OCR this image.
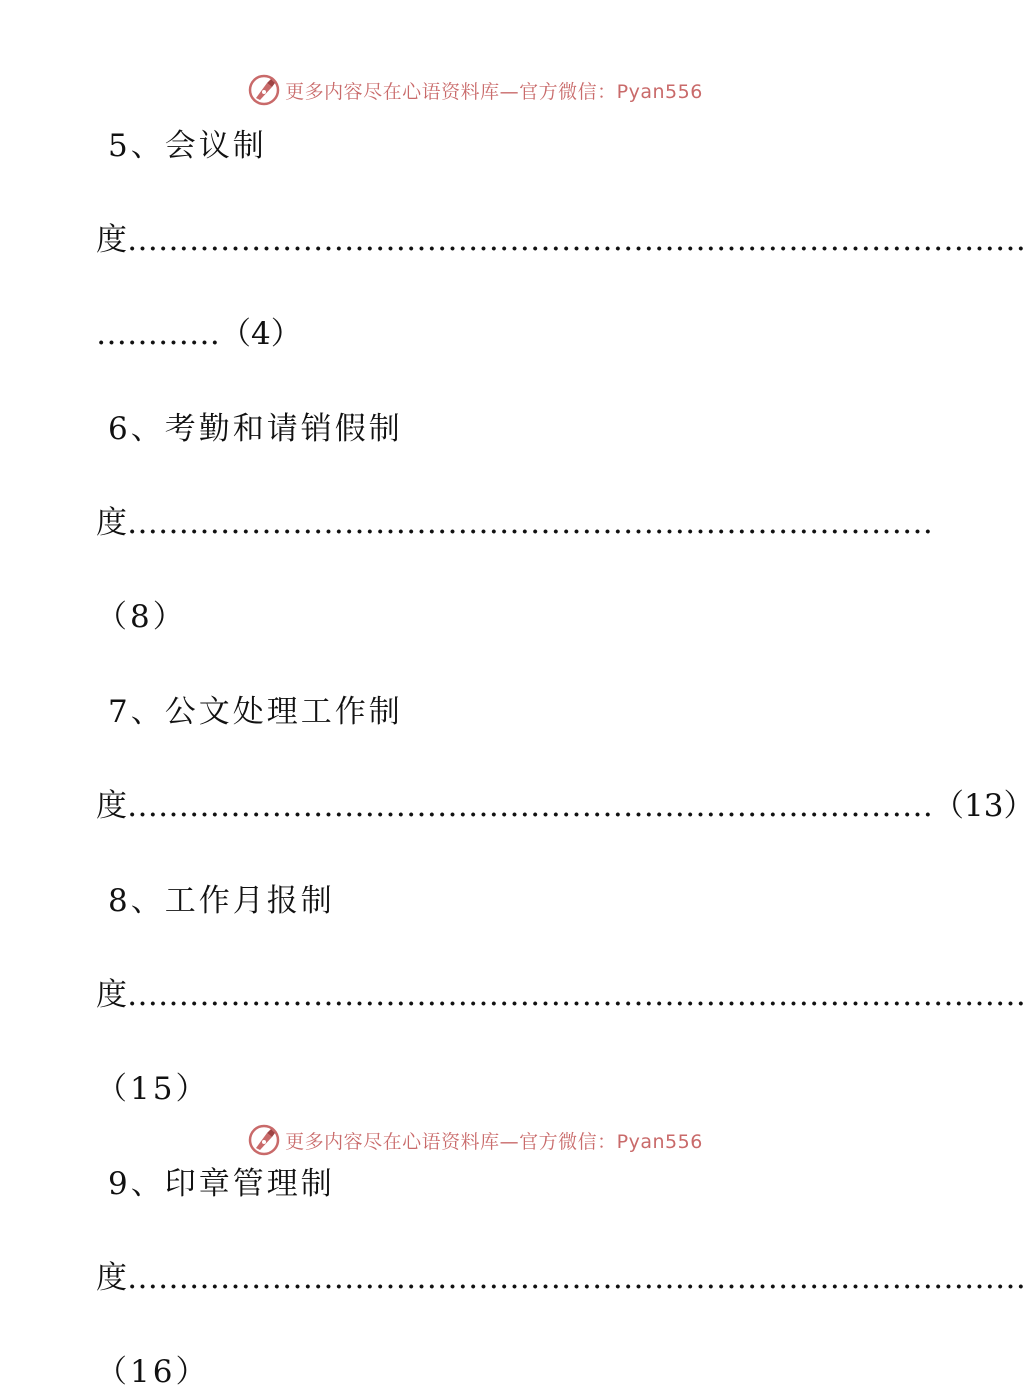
更多内容尽在心语资料库—官方微信：Pyan556
5、会议制
度……………………………………………………………………………
…………（4）
6、考勤和请销假制
度……………………………………………………………………
（8）
7、公文处理工作制
度……………………………………………………………………（13）
8、工作月报制
度……………………………………………………………………………
（15）
9、印章管理制
度……………………………………………………………………………
（16）
更多内容尽在心语资料库—官方微信：Pyan556
